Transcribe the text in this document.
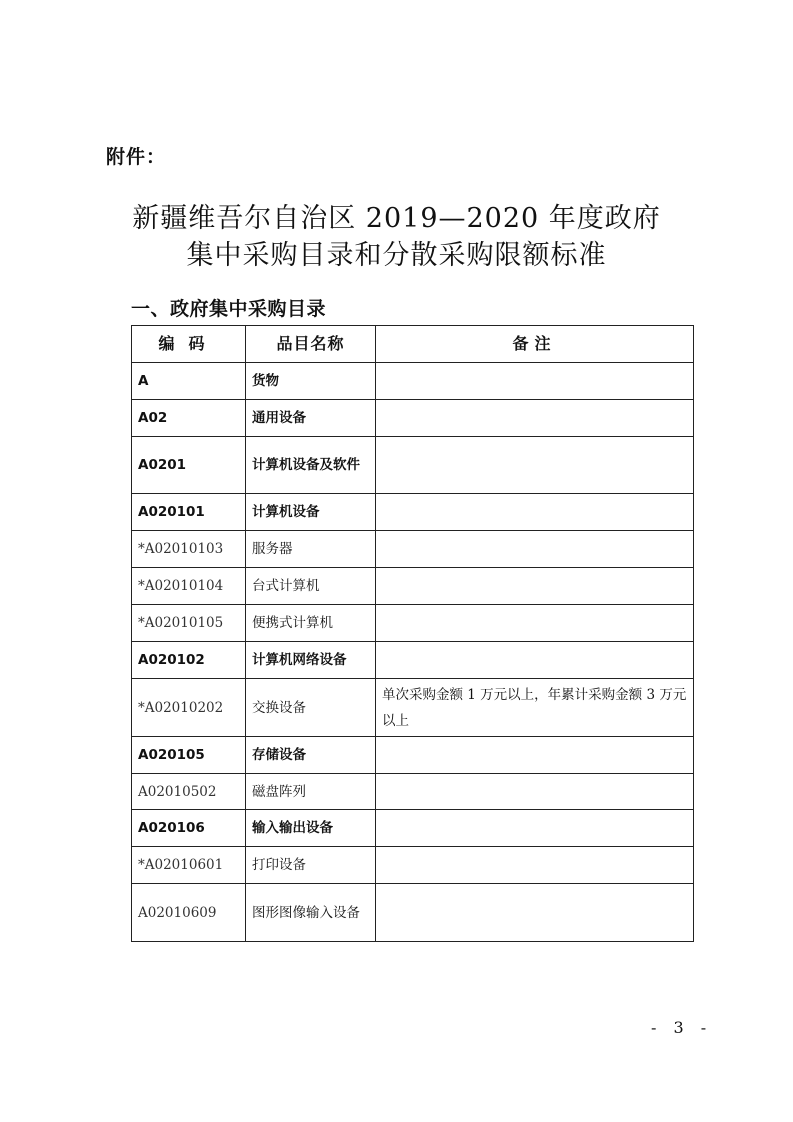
附件：
新疆维吾尔自治区 2019—2020 年度政府
集中采购目录和分散采购限额标准
一、政府集中采购目录
编码	品目名称	备注
A	货物	
A02	通用设备	
A0201	计算机设备及软件	
A020101	计算机设备	
*A02010103	服务器	
*A02010104	台式计算机	
*A02010105	便携式计算机	
A020102	计算机网络设备	
*A02010202	交换设备	单次采购金额 1 万元以上，年累计采购金额 3 万元以上
A020105	存储设备	
A02010502	磁盘阵列	
A020106	输入输出设备	
*A02010601	打印设备	
A02010609	图形图像输入设备	
- 3 -
